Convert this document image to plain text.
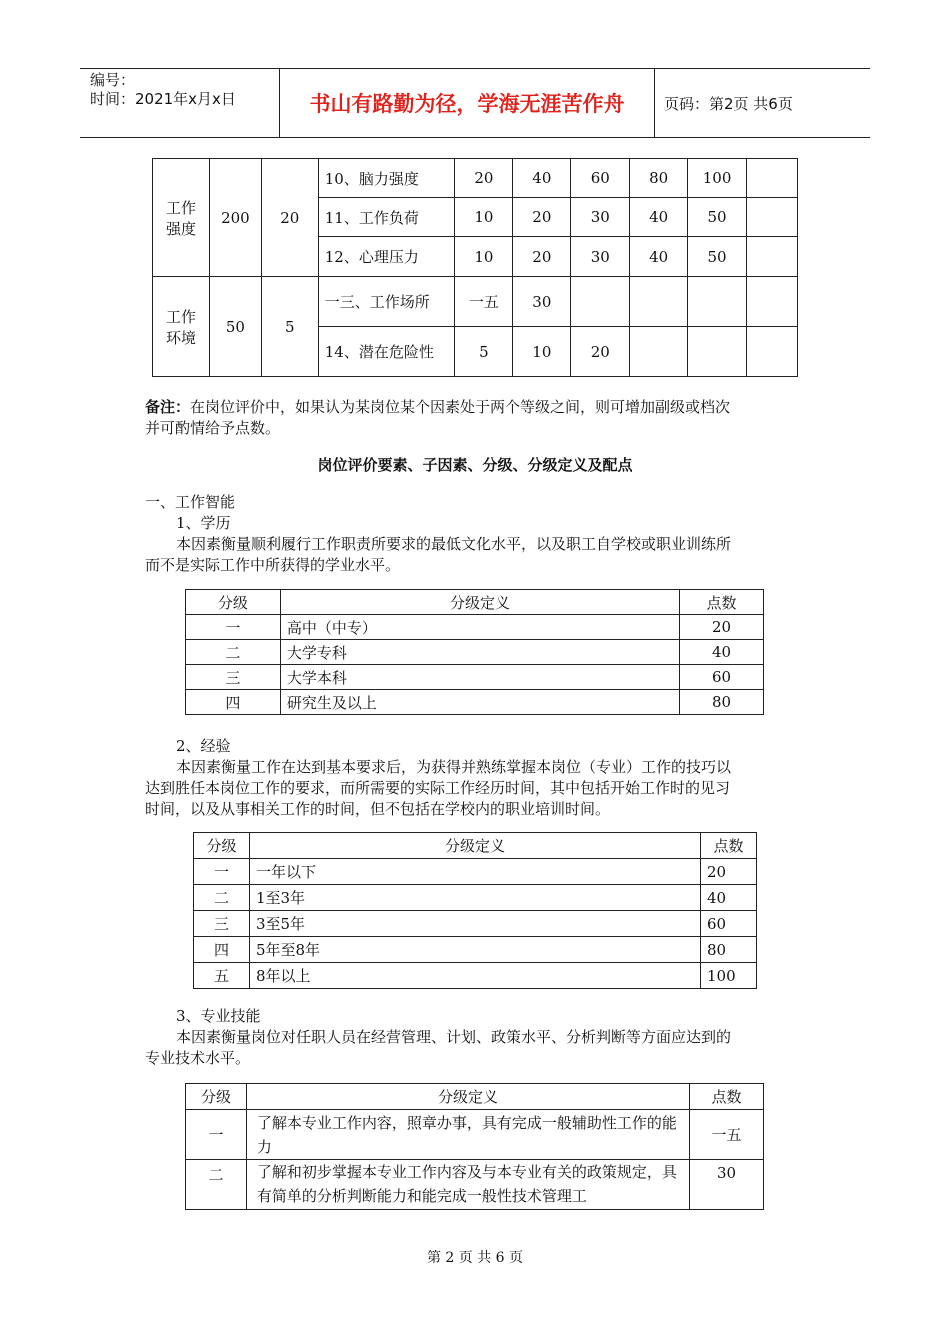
编号：
时间：2021年x月x日	书山有路勤为径，学海无涯苦作舟	页码：第2页 共6页
工作强度	200	20	10、脑力强度	20	40	60	80	100	
			11、工作负荷	10	20	30	40	50	
			12、心理压力	10	20	30	40	50	
工作环境	50	5	一三、工作场所	一五	30				
			14、潜在危险性	5	10	20			
备注：在岗位评价中，如果认为某岗位某个因素处于两个等级之间，则可增加副级或档次
并可酌情给予点数。
岗位评价要素、子因素、分级、分级定义及配点
一、工作智能
1、学历
本因素衡量顺利履行工作职责所要求的最低文化水平，以及职工自学校或职业训练所
而不是实际工作中所获得的学业水平。
分级	分级定义	点数
一	高中（中专）	20
二	大学专科	40
三	大学本科	60
四	研究生及以上	80
2、经验
本因素衡量工作在达到基本要求后，为获得并熟练掌握本岗位（专业）工作的技巧以
达到胜任本岗位工作的要求，而所需要的实际工作经历时间，其中包括开始工作时的见习
时间，以及从事相关工作的时间，但不包括在学校内的职业培训时间。
分级	分级定义	点数
一	一年以下	20
二	1至3年	40
三	3至5年	60
四	5年至8年	80
五	8年以上	100
3、专业技能
本因素衡量岗位对任职人员在经营管理、计划、政策水平、分析判断等方面应达到的
专业技术水平。
分级	分级定义	点数
一	了解本专业工作内容，照章办事，具有完成一般辅助性工作的能力	一五
二	了解和初步掌握本专业工作内容及与本专业有关的政策规定，具有简单的分析判断能力和能完成一般性技术管理工	30
第 2 页 共 6 页
